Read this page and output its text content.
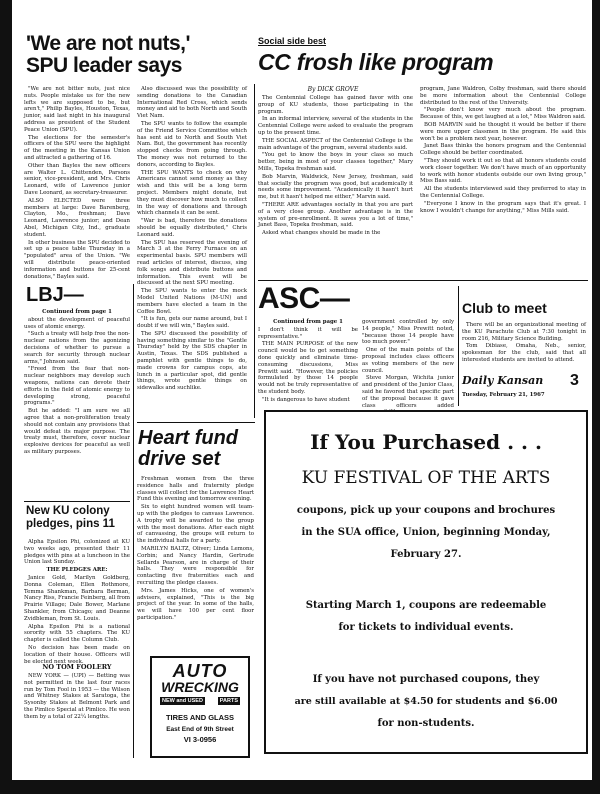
'We are not nuts,'
SPU leader says

"We are not bitter nuts, just nice nuts. People mistake us for the new lefts we are supposed to be, but aren't," Philip Bayles, Houston, Texas, junior, said last night in his inaugural address as president of the Student Peace Union (SPU).

The elections for the semester's officers of the SPU were the highlight of the meeting in the Kansas Union and attracted a gathering of 16.

Other than Bayles the new officers are Walter L. Chittenden, Parsons senior, vice-president, and Mrs. Chris Leonard, wife of Lawrence junior Dave Leonard, as secretary-treasurer.

ALSO ELECTED were three members at large: Dave Barenberg, Clayton, Mo., freshman; Dave Leonard, Lawrence junior; and Dean Abel, Michigan City, Ind., graduate student.

In other business the SPU decided to set up a peace table Thursday in a "populated" area of the Union. "We will distribute peace-oriented information and buttons for 25-cent donations," Bayles said.

Also discussed was the possibility of sending donations to the Canadian International Red Cross, which sends money and aid to both North and South Viet Nam.

The SPU wants to follow the example of the Friend Service Committee which has sent aid to North and South Viet Nam. But, the government has recently stopped checks from going through. The money was not returned to the donors, according to Bayles.

THE SPU WANTS to check on why Americans cannot send money as they wish and this will be a long term project. Members might donate, but they must discover how much to collect in the way of donations and through which channels it can be sent.

"War is bad, therefore the donations should be equally distributed," Chris Leonard said.

The SPU has reserved the evening of March 3 at the Ferry Furnace on an experimental basis. SPU members will read articles of interest, discuss, sing folk songs and distribute buttons and information. This event will be discussed at the next SPU meeting.

The SPU wants to enter the mock Model United Nations (M-UN) and members have elected a team in the Coffee Bowl.

"It is fun, gets our name around, but I doubt if we will win," Bayles said.

The SPU discussed the possibility of having something similar to the "Gentle Thursday" held by the SDS chapter in Austin, Texas. The SDS published a pamphlet with gentle things to do, made crowns for campus cops, ate lunch in a particular spot, did gentle things, wrote gentle things on sidewalks and suchlike.

LBJ—

Continued from page 1

about the development of peaceful uses of atomic energy.

"Such a treaty will help free the non-nuclear nations from the agonizing decisions of whether to pursue a search for security through nuclear arms," Johnson said.

"Freed from the fear that non-nuclear neighbors may develop such weapons, nations can devote their efforts in the field of atomic energy to developing strong, peaceful programs."

But he added: "I am sure we all agree that a non-proliferation treaty should not contain any provisions that would defeat its major purpose. The treaty must, therefore, cover nuclear explosive devices for peaceful as well as military purposes.

New KU colony pledges, pins 11

Alpha Epsilon Phi, colonized at KU two weeks ago, presented their 11 pledges with pins at a luncheon in the Union last Sunday.

THE PLEDGES ARE:

Janice Gold, Marilyn Goldberg, Donna Coleman, Ellen Rothmore, Temma Shankman, Barbara Berman, Nancy Riss, Francie Feinberg, all from Prairie Village; Dale Bower, Marlane Shankler, from Chicago; and Deanne Zvidbleman, from St. Louis.

Alpha Epsilon Phi is a national sorority with 55 chapters. The KU chapter is called the Column Club.

No decision has been made on location of their house. Officers will be elected next week.

NO TOM FOOLERY

NEW YORK — (UPI) — Betting was not permitted in the last four races run by Tom Fool in 1953 — the Wilson and Whitney Stakes at Saratoga, the Sysonby Stakes at Belmont Park and the Pimlico Special at Pimlico. He won them by a total of 22¼ lengths.

Social side best
CC frosh like program
By DICK GROVE

The Centennial College has gained favor with one group of KU students, those participating in the program.

In an informal interview, several of the students in the Centennial College were asked to evaluate the program up to the present time.

THE SOCIAL ASPECT of the Centennial College is the main advantage of the program, several students said.

"You get to know the boys in your class so much better, being in most of your classes together," Mary Mills, Topeka freshman said.

Bob Marvin, Waldwick, New Jersey, freshman, said that socially the program was good, but academically it needs some improvement. "Academically it hasn't hurt me, but it hasn't helped me either," Marvin said.

"THERE ARE advantages socially in that you are part of a very close group. Another advantage is in the system of pre-enrollment. It saves you a lot of time," Janet Bass, Topeka freshman, said.

Asked what changes should be made in the

program, Jane Waldron, Colby freshman, said there should be more information about the Centennial College distributed to the rest of the University.

"People don't know very much about the program. Because of this, we get laughed at a lot," Miss Waldron said.

BOB MARVIN said he thought it would be better if there were more upper classmen in the program. He said this won't be a problem next year, however.

Janet Bass thinks the honors program and the Centennial College should be better coordinated.

"They should work it out so that all honors students could work closer together. We don't have much of an opportunity to work with honor students outside our own living group," Miss Bass said.

All the students interviewed said they preferred to stay in the Centennial College.

"Everyone I know in the program says that it's great. I know I wouldn't change for anything," Miss Mills said.

ASC—

Continued from page 1

I don't think it will be representative."

THE MAIN PURPOSE of the new council would be to get something done quickly and eliminate time-consuming discussions, Miss Prewitt said. "However, the policies formulated by those 14 people would not be truly representative of the student body.

"It is dangerous to have student

government controlled by only 14 people," Miss Prewitt noted, "because those 14 people have too much power."

One of the main points of the proposal includes class officers as voting members of the new council.

Steve Morgan, Wichita junior and president of the Junior Class, said he favored that specific part of the proposal because it gave class officers added

Club to meet

There will be an organizational meeting of the KU Parachute Club at 7:30 tonight in room 216, Military Science Building.

Tom Dibiase, Omaha, Neb., senior, spokesman for the club, said that all interested students are invited to attend.

Daily Kansan 3
Tuesday, February 21, 1967
Heart fund
drive set

Freshman women from the three residence halls and fraternity pledge classes will collect for the Lawrence Heart Fund this evening and tomorrow evening.

Six to eight hundred women will team-up with the pledges to canvass Lawrence. A trophy will be awarded to the group with the most donations. After each night of canvassing, the groups will return to the individual halls for a party.

MARILYN BALTZ, Oliver; Linda Lemons, Corbin; and Nancy Hardin, Gertrude Sellards Pearson, are in charge of their halls. They were responsible for contacting five fraternities each and recruiting the pledge classes.

Mrs. James Hicks, one of women's advisers, explained, "This is the big project of the year. In some of the halls, we will have 100 per cent floor participation."

AUTO
WRECKING
NEW and USED	PARTS
TIRES AND GLASS
East End of 9th Street
VI 3-0956
If You Purchased . . .
KU FESTIVAL OF THE ARTS
coupons, pick up your coupons and brochures
in the SUA office, Union, beginning Monday,
February 27.
Starting March 1, coupons are redeemable
for tickets to individual events.
If you have not purchased coupons, they
are still available at $4.50 for students and $6.00
for non-students.
